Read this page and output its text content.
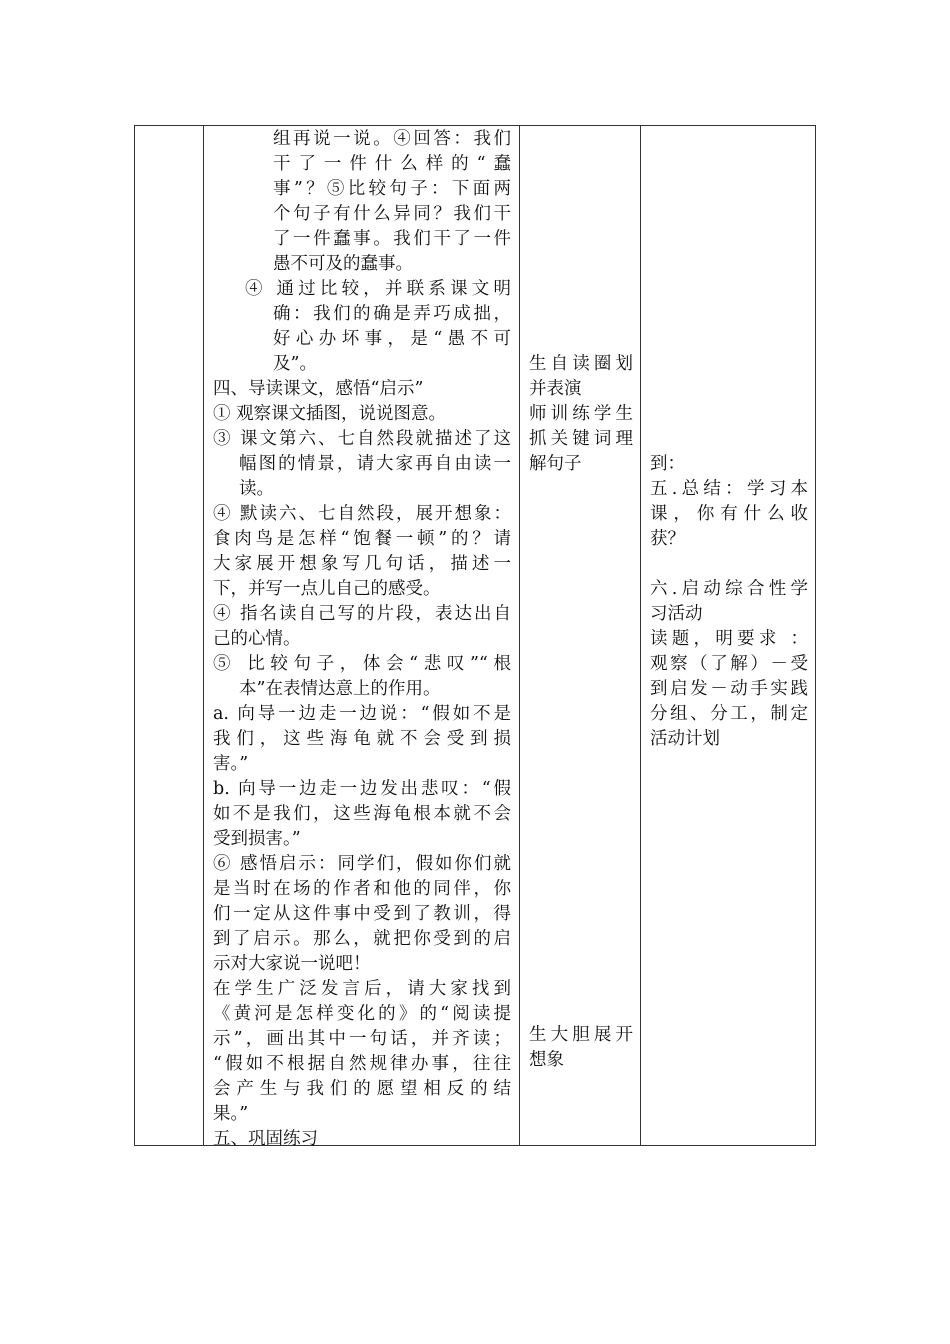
组再说一说。④回答：我们
干了一件什么样的“蠢
事”？⑤比较句子：下面两
个句子有什么异同？我们干
了一件蠢事。我们干了一件
愚不可及的蠢事。
④ 通过比较，并联系课文明
确：我们的确是弄巧成拙，
好心办坏事，是“愚不可
及”。
四、导读课文，感悟“启示”
① 观察课文插图，说说图意。
③ 课文第六、七自然段就描述了这
幅图的情景，请大家再自由读一
读。
④ 默读六、七自然段，展开想象：
食肉鸟是怎样“饱餐一顿”的？请
大家展开想象写几句话，描述一
下，并写一点儿自己的感受。
④ 指名读自己写的片段，表达出自
己的心情。
⑤ 比较句子，体会“悲叹”“根
本”在表情达意上的作用。
a. 向导一边走一边说：“假如不是
我们，这些海龟就不会受到损
害。”
b. 向导一边走一边发出悲叹：“假
如不是我们，这些海龟根本就不会
受到损害。”
⑥ 感悟启示：同学们，假如你们就
是当时在场的作者和他的同伴，你
们一定从这件事中受到了教训，得
到了启示。那么，就把你受到的启
示对大家说一说吧！
在学生广泛发言后，请大家找到
《黄河是怎样变化的》的“阅读提
示”，画出其中一句话，并齐读；
“假如不根据自然规律办事，往往
会产生与我们的愿望相反的结
果。”
五、巩固练习
生自读圈划
并表演
师训练学生
抓关键词理
解句子
生大胆展开
想象
到：
五.总结：学习本
课，你有什么收
获？
六.启动综合性学
习活动
读题，明要求 ：
观察（了解）－受
到启发－动手实践
分组、分工，制定
活动计划
